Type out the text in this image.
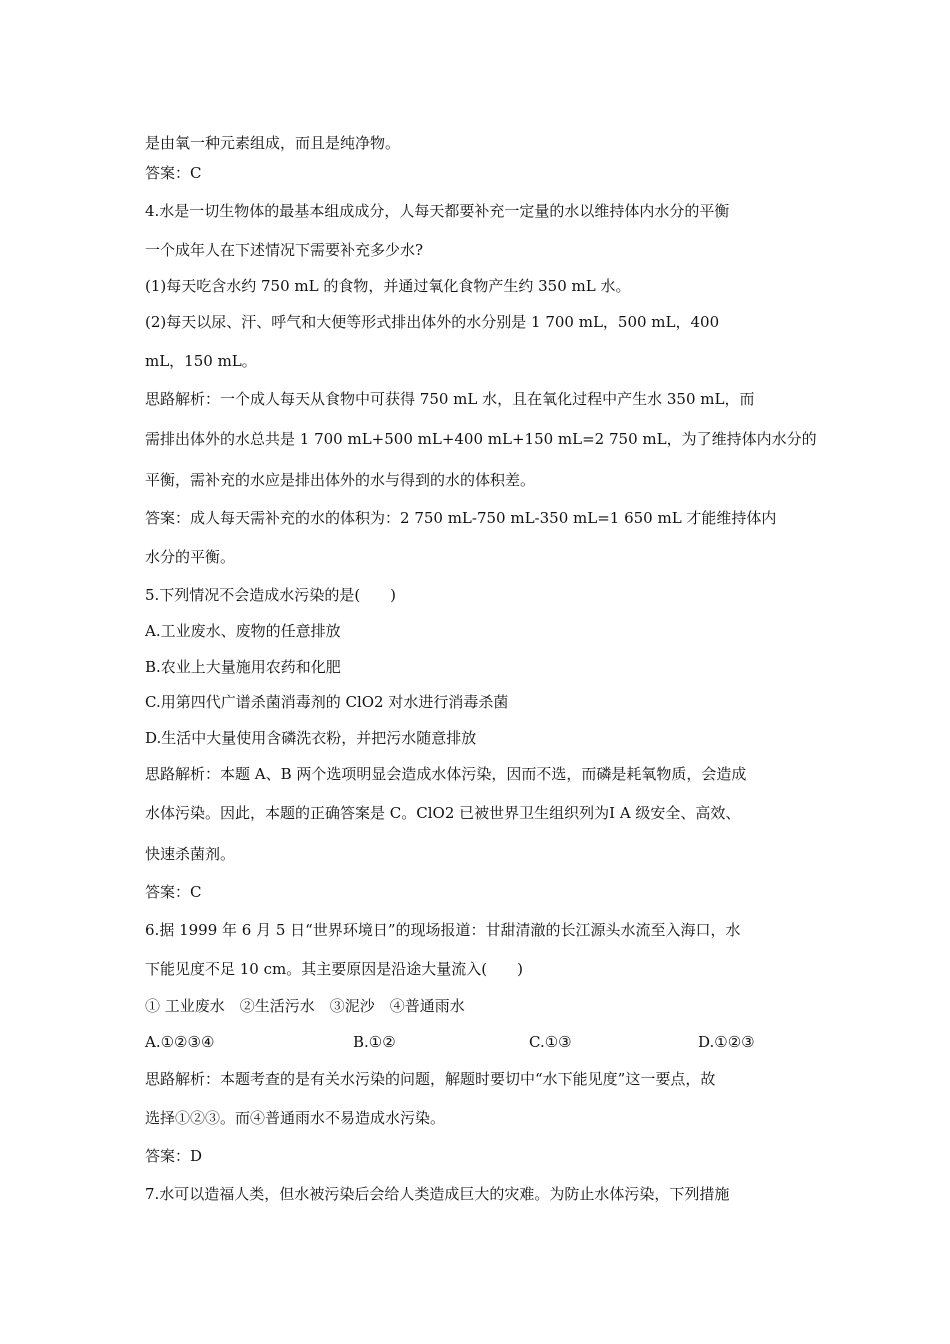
是由氧一种元素组成，而且是纯净物。
答案：C
4.水是一切生物体的最基本组成成分，人每天都要补充一定量的水以维持体内水分的平衡
一个成年人在下述情况下需要补充多少水?
(1)每天吃含水约 750 mL 的食物，并通过氧化食物产生约 350 mL 水。
(2)每天以尿、汗、呼气和大便等形式排出体外的水分别是 1 700 mL，500 mL，400
mL，150 mL。
思路解析：一个成人每天从食物中可获得 750 mL 水，且在氧化过程中产生水 350 mL，而
需排出体外的水总共是 1 700 mL+500 mL+400 mL+150 mL=2 750 mL，为了维持体内水分的
平衡，需补充的水应是排出体外的水与得到的水的体积差。
答案：成人每天需补充的水的体积为：2 750 mL-750 mL-350 mL=1 650 mL 才能维持体内
水分的平衡。
5.下列情况不会造成水污染的是(　　)
A.工业废水、废物的任意排放
B.农业上大量施用农药和化肥
C.用第四代广谱杀菌消毒剂的 ClO2 对水进行消毒杀菌
D.生活中大量使用含磷洗衣粉，并把污水随意排放
思路解析：本题 A、B 两个选项明显会造成水体污染，因而不选，而磷是耗氧物质，会造成
水体污染。因此，本题的正确答案是 C。ClO2 已被世界卫生组织列为Ⅰ A 级安全、高效、
快速杀菌剂。
答案：C
6.据 1999 年 6 月 5 日“世界环境日”的现场报道：甘甜清澈的长江源头水流至入海口，水
下能见度不足 10 cm。其主要原因是沿途大量流入(　　)
① 工业废水　②生活污水　③泥沙　④普通雨水
A.①②③④	B.①②	C.①③	D.①②③
思路解析：本题考查的是有关水污染的问题，解题时要切中“水下能见度”这一要点，故
选择①②③。而④普通雨水不易造成水污染。
答案：D
7.水可以造福人类，但水被污染后会给人类造成巨大的灾难。为防止水体污染，下列措施
